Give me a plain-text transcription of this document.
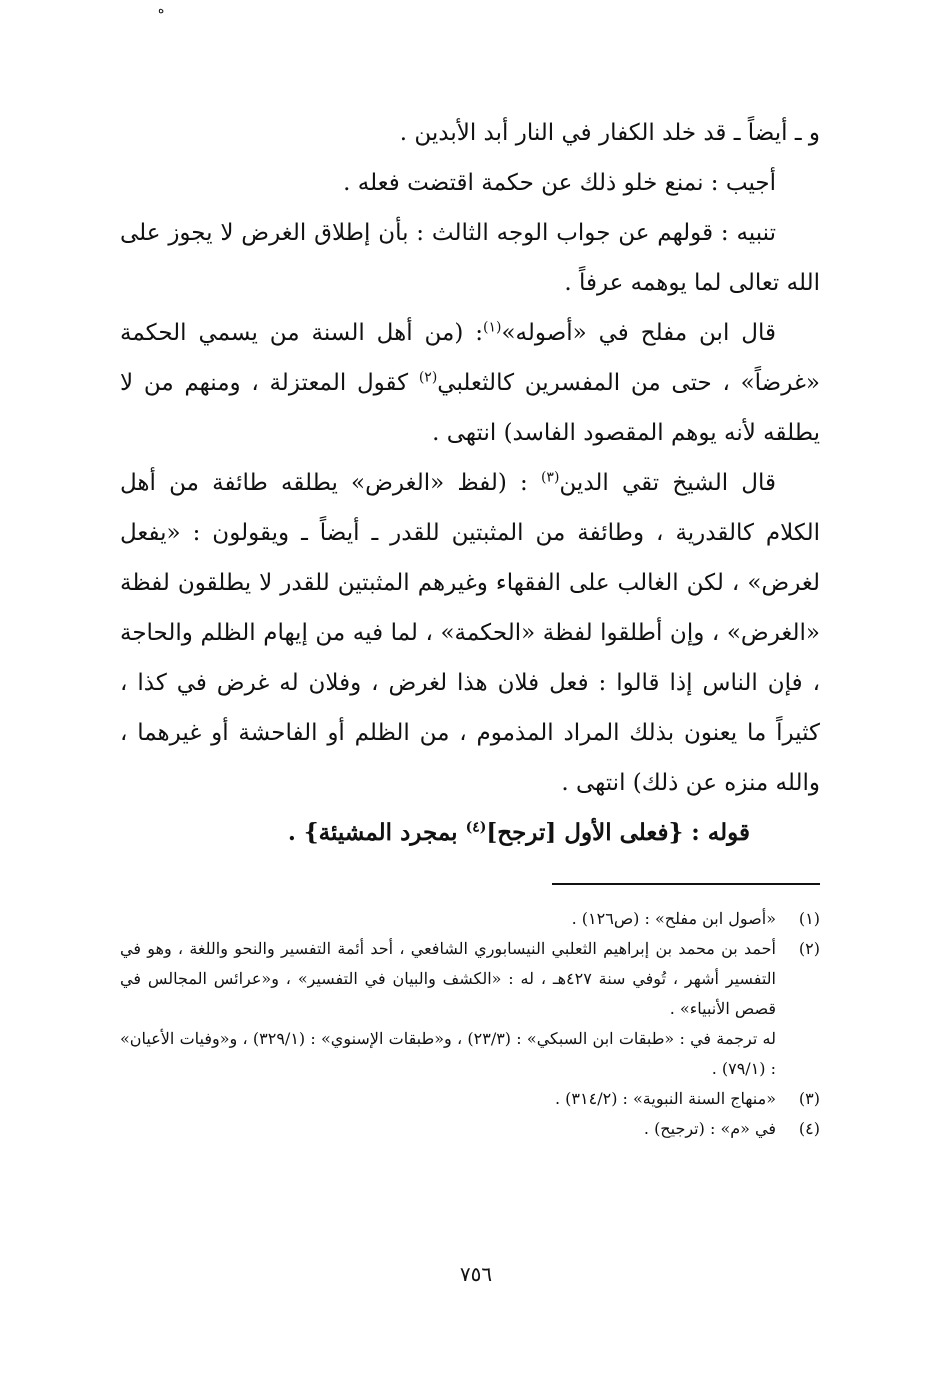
ه

و ـ أيضاً ـ قد خلد الكفار في النار أبد الأبدين .

أجيب : نمنع خلو ذلك عن حكمة اقتضت فعله .

تنبيه : قولهم عن جواب الوجه الثالث : بأن إطلاق الغرض لا يجوز على الله تعالى لما يوهمه عرفاً .

قال ابن مفلح في «أصوله»$^{(١)}$: (من أهل السنة من يسمي الحكمة «غرضاً» ، حتى من المفسرين كالثعلبي$^{(٢)}$ كقول المعتزلة ، ومنهم من لا يطلقه لأنه يوهم المقصود الفاسد) انتهى .

قال الشيخ تقي الدين$^{(٣)}$ : (لفظ «الغرض» يطلقه طائفة من أهل الكلام كالقدرية ، وطائفة من المثبتين للقدر ـ أيضاً ـ ويقولون : «يفعل لغرض» ، لكن الغالب على الفقهاء وغيرهم المثبتين للقدر لا يطلقون لفظة «الغرض» ، وإن أطلقوا لفظة «الحكمة» ، لما فيه من إيهام الظلم والحاجة ، فإن الناس إذا قالوا : فعل فلان هذا لغرض ، وفلان له غرض في كذا ، كثيراً ما يعنون بذلك المراد المذموم ، من الظلم أو الفاحشة أو غيرهما ، والله منزه عن ذلك) انتهى .

قوله : {فعلى الأول [ترجح]$^{(٤)}$ بمجرد المشيئة} .

(١)
«أصول ابن مفلح» : (ص١٢٦) .
(٢)
أحمد بن محمد بن إبراهيم الثعلبي النيسابوري الشافعي ، أحد أئمة التفسير والنحو واللغة ، وهو في التفسير أشهر ، تُوفي سنة ٤٢٧هـ ، له : «الكشف والبيان في التفسير» ، و«عرائس المجالس في قصص الأنبياء» .
له ترجمة في : «طبقات ابن السبكي» : (٢٣/٣) ، و«طبقات الإسنوي» : (٣٢٩/١) ، و«وفيات الأعيان» : (٧٩/١) .
(٣)
«منهاج السنة النبوية» : (٣١٤/٢) .
(٤)
في «م» : (ترجيح) .
٧٥٦
